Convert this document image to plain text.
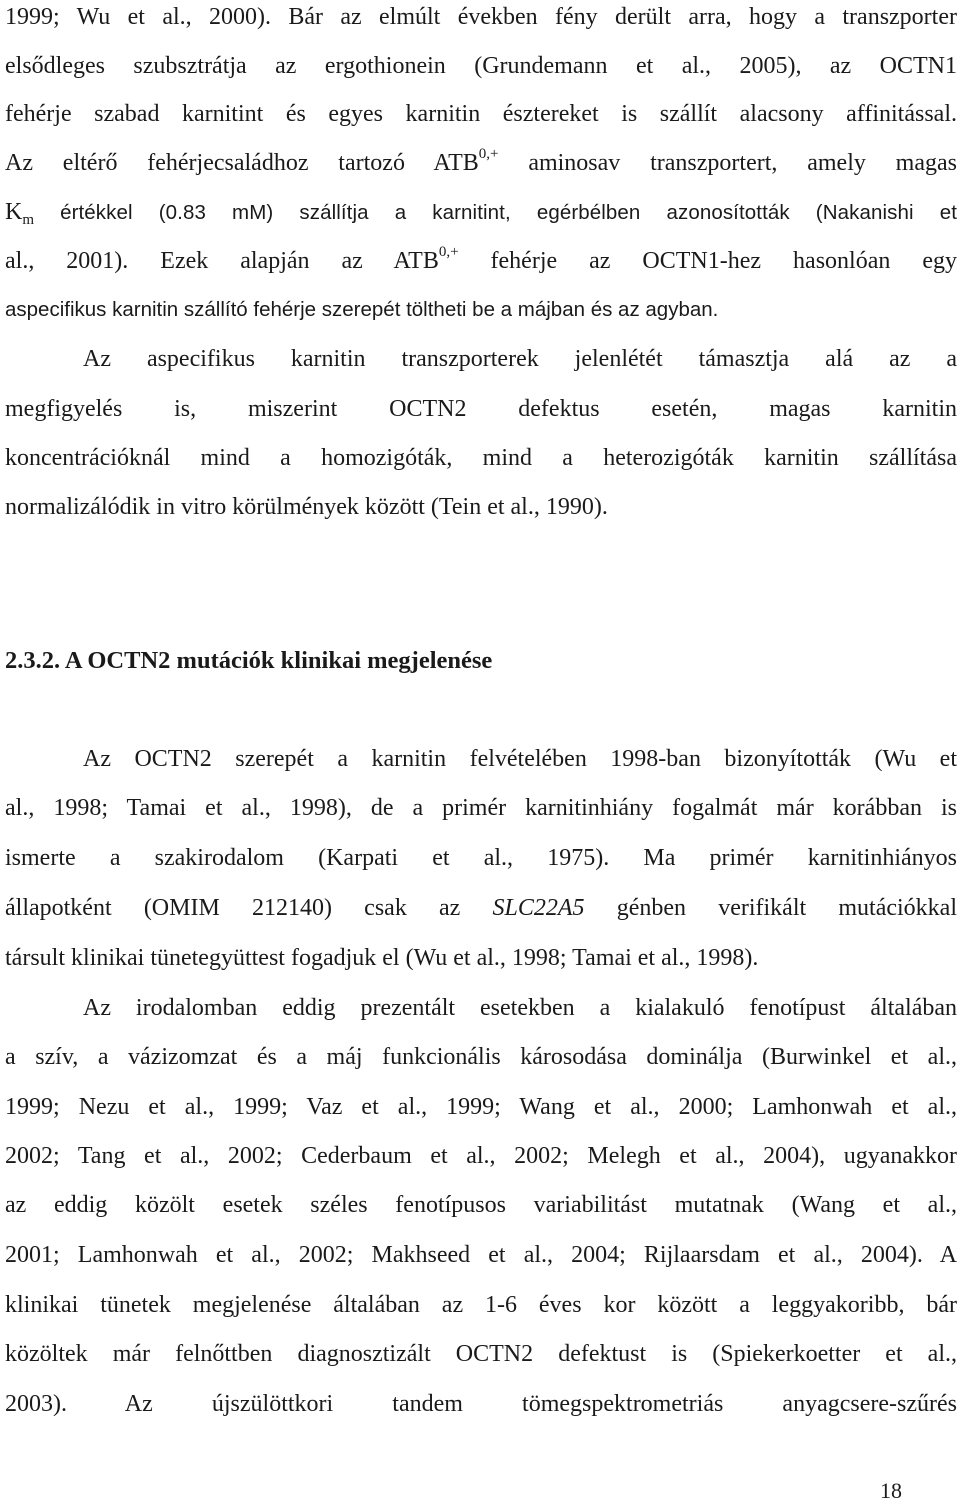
1999; Wu et al., 2000). Bár az elmúlt években fény derült arra, hogy a transzporter
elsődleges szubsztrátja az ergothionein (Grundemann et al., 2005), az OCTN1
fehérje szabad karnitint és egyes karnitin észtereket is szállít alacsony affinitással.
Az eltérő fehérjecsaládhoz tartozó $ATB^{0,+}$ aminosav transzportert, amely magas
$K_m$ értékkel (0.83 mM) szállítja a karnitint, egérbélben azonosították (Nakanishi et
al., 2001). Ezek alapján az $ATB^{0,+}$ fehérje az OCTN1-hez hasonlóan egy
aspecifikus karnitin szállító fehérje szerepét töltheti be a májban és az agyban.
Az aspecifikus karnitin transzporterek jelenlétét támasztja alá az a
megfigyelés is, miszerint OCTN2 defektus esetén, magas karnitin
koncentrációknál mind a homozigóták, mind a heterozigóták karnitin szállítása
normalizálódik in vitro körülmények között (Tein et al., 1990).
2.3.2. A OCTN2 mutációk klinikai megjelenése
Az OCTN2 szerepét a karnitin felvételében 1998-ban bizonyították (Wu et
al., 1998; Tamai et al., 1998), de a primér karnitinhiány fogalmát már korábban is
ismerte a szakirodalom (Karpati et al., 1975). Ma primér karnitinhiányos
állapotként (OMIM 212140) csak az SLC22A5 génben verifikált mutációkkal
társult klinikai tünetegyüttest fogadjuk el (Wu et al., 1998; Tamai et al., 1998).
Az irodalomban eddig prezentált esetekben a kialakuló fenotípust általában
a szív, a vázizomzat és a máj funkcionális károsodása dominálja (Burwinkel et al.,
1999; Nezu et al., 1999; Vaz et al., 1999; Wang et al., 2000; Lamhonwah et al.,
2002; Tang et al., 2002; Cederbaum et al., 2002; Melegh et al., 2004), ugyanakkor
az eddig közölt esetek széles fenotípusos variabilitást mutatnak (Wang et al.,
2001; Lamhonwah et al., 2002; Makhseed et al., 2004; Rijlaarsdam et al., 2004). A
klinikai tünetek megjelenése általában az 1-6 éves kor között a leggyakoribb, bár
közöltek már felnőttben diagnosztizált OCTN2 defektust is (Spiekerkoetter et al.,
2003). Az újszülöttkori tandem tömegspektrometriás anyagcsere-szűrés
18
